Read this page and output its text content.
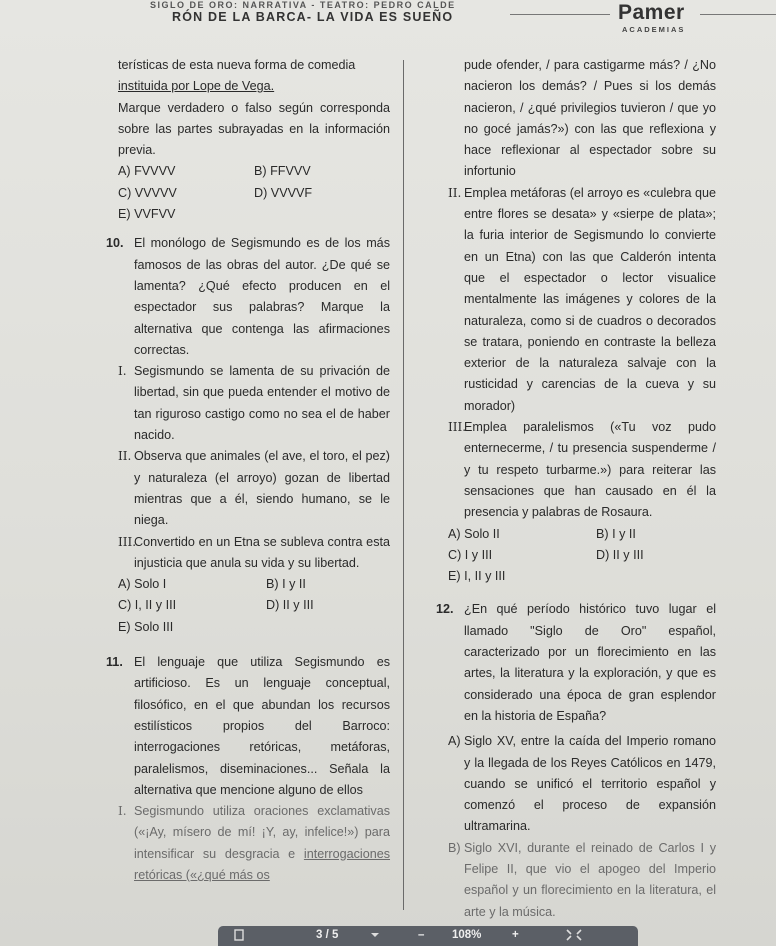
SIGLO DE ORO: NARRATIVA - TEATRO: PEDRO CALDE
RÓN DE LA BARCA- LA VIDA ES SUEÑO	Pamer
ACADEMIAS
terísticas de esta nueva forma de comedia
instituida por Lope de Vega.
Marque verdadero o falso según corresponda sobre las partes subrayadas en la información previa.
A) FVVVV	B) FFVVV
C) VVVVV	D) VVVVF
E) VVFVV
10. El monólogo de Segismundo es de los más famosos de las obras del autor. ¿De qué se lamenta? ¿Qué efecto producen en el espectador sus palabras? Marque la alternativa que contenga las afirmaciones correctas.
I. Segismundo se lamenta de su privación de libertad, sin que pueda entender el motivo de tan riguroso castigo como no sea el de haber nacido.
II. Observa que animales (el ave, el toro, el pez) y naturaleza (el arroyo) gozan de libertad mientras que a él, siendo humano, se le niega.
III.
Convertido en un Etna se subleva contra esta injusticia que anula su vida y su libertad.
A) Solo I	B) I y II
C) I, II y III	D) II y III
E) Solo III
11. El lenguaje que utiliza Segismundo es artificioso. Es un lenguaje conceptual, filosófico, en el que abundan los recursos estilísticos propios del Barroco: interrogaciones retóricas, metáforas, paralelismos, diseminaciones... Señala la alternativa que mencione alguno de ellos
I. Segismundo utiliza oraciones exclamativas («¡Ay, mísero de mí! ¡Y, ay, infelice!») para intensificar su desgracia e interrogaciones retóricas («¿qué más os
pude ofender, / para castigarme más? / ¿No nacieron los demás? / Pues si los demás nacieron, / ¿qué privilegios tuvieron / que yo no gocé jamás?») con las que reflexiona y hace reflexionar al espectador sobre su infortunio
II. Emplea metáforas (el arroyo es «culebra que entre flores se desata» y «sierpe de plata»; la furia interior de Segismundo lo convierte en un Etna) con las que Calderón intenta que el espectador o lector visualice mentalmente las imágenes y colores de la naturaleza, como si de cuadros o decorados se tratara, poniendo en contraste la belleza exterior de la naturaleza salvaje con la rusticidad y carencias de la cueva y su morador)
III.
Emplea paralelismos («Tu voz pudo enternecerme, / tu presencia suspenderme / y tu respeto turbarme.») para reiterar las sensaciones que han causado en él la presencia y palabras de Rosaura.
A) Solo II	B) I y II
C) I y III	D) II y III
E) I, II y III
12. ¿En qué período histórico tuvo lugar el llamado "Siglo de Oro" español, caracterizado por un florecimiento en las artes, la literatura y la exploración, y que es considerado una época de gran esplendor en la historia de España?
A) Siglo XV, entre la caída del Imperio romano y la llegada de los Reyes Católicos en 1479, cuando se unificó el territorio español y comenzó el proceso de expansión ultramarina.
B) Siglo XVI, durante el reinado de Carlos I y Felipe II, que vio el apogeo del Imperio español y un florecimiento en la literatura, el arte y la música.
3 / 5	– 108%	+
